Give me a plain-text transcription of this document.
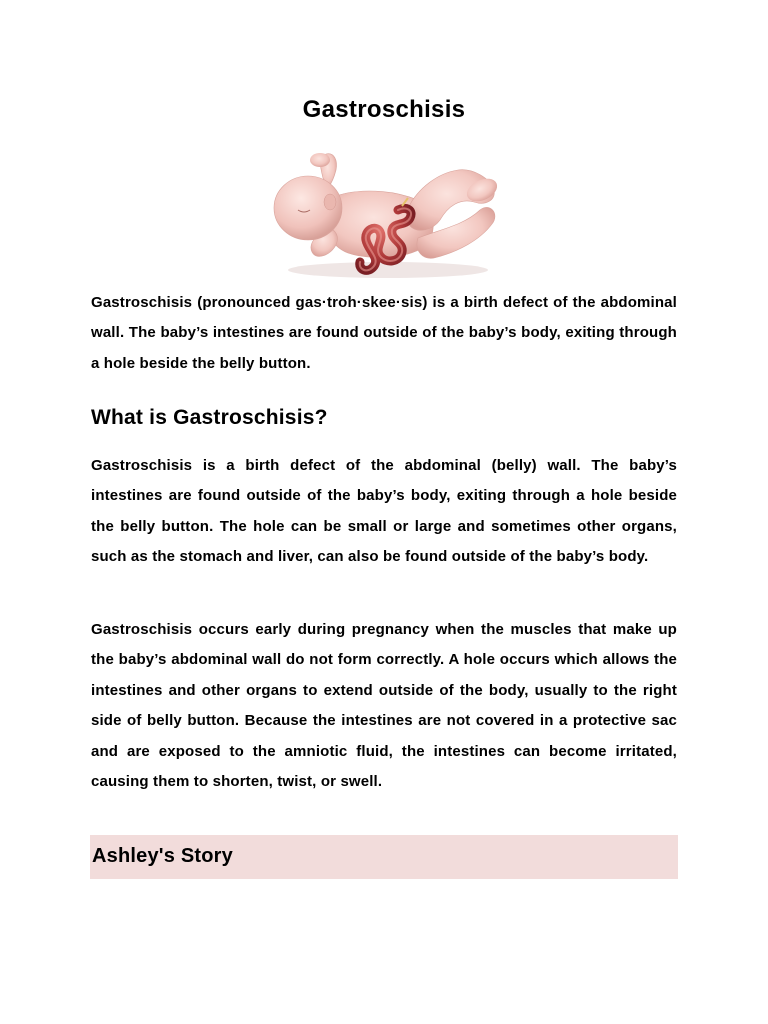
Gastroschisis

Gastroschisis (pronounced gas·troh·skee·sis) is a birth defect of the abdominal wall. The baby’s intestines are found outside of the baby’s body, exiting through a hole beside the belly button.

What is Gastroschisis?

Gastroschisis is a birth defect of the abdominal (belly) wall. The baby’s intestines are found outside of the baby’s body, exiting through a hole beside the belly button. The hole can be small or large and sometimes other organs, such as the stomach and liver, can also be found outside of the baby’s body.

Gastroschisis occurs early during pregnancy when the muscles that make up the baby’s abdominal wall do not form correctly. A hole occurs which allows the intestines and other organs to extend outside of the body, usually to the right side of belly button. Because the intestines are not covered in a protective sac and are exposed to the amniotic fluid, the intestines can become irritated, causing them to shorten, twist, or swell.

Ashley's Story
